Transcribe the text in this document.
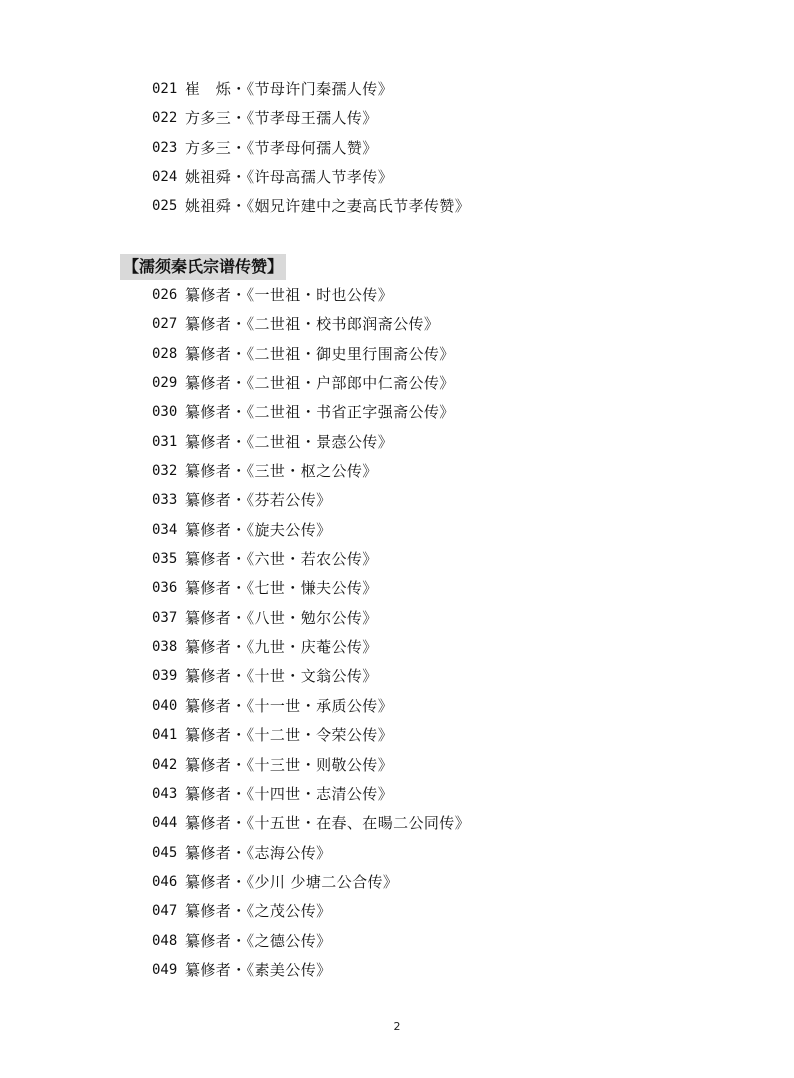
021 崔　烁・《节母许门秦孺人传》
022 方多三・《节孝母王孺人传》
023 方多三・《节孝母何孺人赞》
024 姚祖舜・《许母高孺人节孝传》
025 姚祖舜・《姻兄许建中之妻高氏节孝传赞》
【濡须秦氏宗谱传赞】
026 纂修者・《一世祖・时也公传》
027 纂修者・《二世祖・校书郎润斋公传》
028 纂修者・《二世祖・御史里行围斋公传》
029 纂修者・《二世祖・户部郎中仁斋公传》
030 纂修者・《二世祖・书省正字强斋公传》
031 纂修者・《二世祖・景悫公传》
032 纂修者・《三世・枢之公传》
033 纂修者・《芬若公传》
034 纂修者・《旋夫公传》
035 纂修者・《六世・若农公传》
036 纂修者・《七世・慊夫公传》
037 纂修者・《八世・勉尔公传》
038 纂修者・《九世・庆菴公传》
039 纂修者・《十世・文翁公传》
040 纂修者・《十一世・承质公传》
041 纂修者・《十二世・令荣公传》
042 纂修者・《十三世・则敬公传》
043 纂修者・《十四世・志清公传》
044 纂修者・《十五世・在春、在暘二公同传》
045 纂修者・《志海公传》
046 纂修者・《少川 少塘二公合传》
047 纂修者・《之茂公传》
048 纂修者・《之德公传》
049 纂修者・《素美公传》
2
